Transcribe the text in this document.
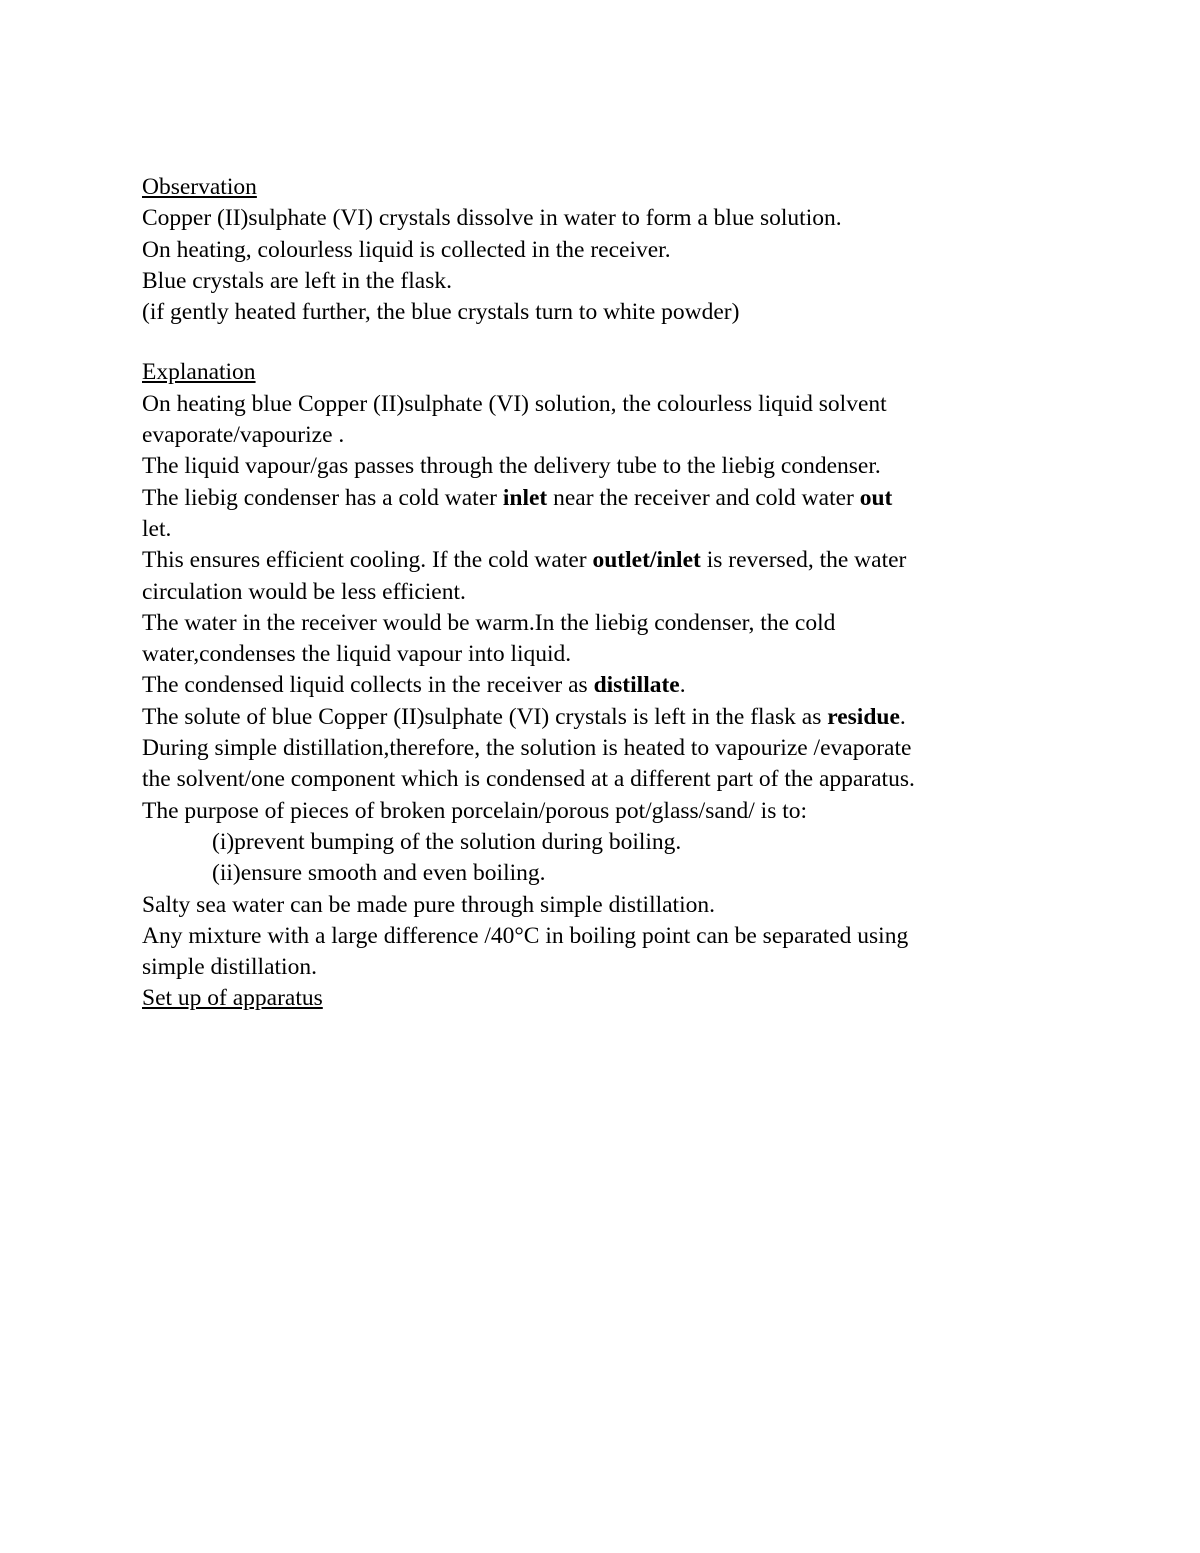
Observation
Copper (II)sulphate (VI) crystals dissolve in water to form a blue solution.
On heating, colourless liquid is collected in the receiver.
Blue crystals are left in the flask.
(if gently heated further, the blue crystals turn to white powder)
Explanation
On heating blue Copper (II)sulphate (VI) solution, the colourless liquid solvent
evaporate/vapourize .
The liquid vapour/gas passes through the delivery tube to the liebig condenser.
The liebig condenser has a cold water inlet near the receiver and cold water out
let.
This ensures efficient cooling. If the cold water outlet/inlet is reversed, the water
circulation would be less efficient.
The water in the receiver would be warm.In the liebig condenser, the cold
water,condenses the liquid vapour into liquid.
The condensed liquid collects in the receiver as distillate.
The solute of blue Copper (II)sulphate (VI) crystals is left in the flask as residue.
During simple distillation,therefore, the solution is heated to vapourize /evaporate
the solvent/one component which is condensed at a different part of the apparatus.
The purpose of pieces of broken porcelain/porous pot/glass/sand/ is to:
(i)prevent bumping of the solution during boiling.
(ii)ensure smooth and even boiling.
Salty sea water can be made pure through simple distillation.
Any mixture with a large difference /40°C in boiling point can be separated using
simple distillation.
Set up of apparatus
